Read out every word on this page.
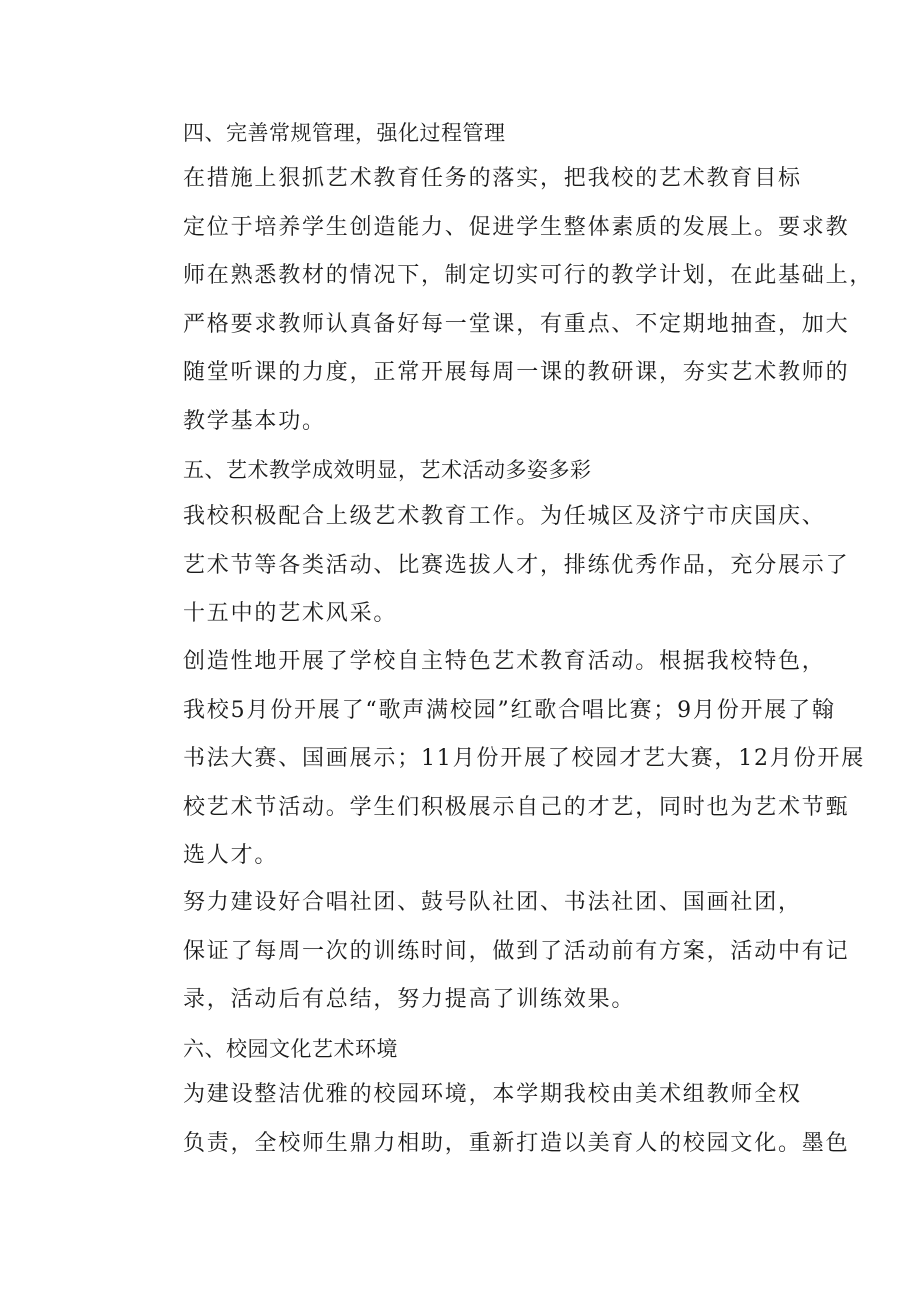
四、完善常规管理，强化过程管理

在措施上狠抓艺术教育任务的落实，把我校的艺术教育目标
定位于培养学生创造能力、促进学生整体素质的发展上。要求教
师在熟悉教材的情况下，制定切实可行的教学计划，在此基础上，
严格要求教师认真备好每一堂课，有重点、不定期地抽查，加大
随堂听课的力度，正常开展每周一课的教研课，夯实艺术教师的
教学基本功。

五、艺术教学成效明显，艺术活动多姿多彩

我校积极配合上级艺术教育工作。为任城区及济宁市庆国庆、
艺术节等各类活动、比赛选拔人才，排练优秀作品，充分展示了
十五中的艺术风采。

创造性地开展了学校自主特色艺术教育活动。根据我校特色，
我校5月份开展了“歌声满校园”红歌合唱比赛；9月份开展了翰
书法大赛、国画展示；11月份开展了校园才艺大赛，12月份开展
校艺术节活动。学生们积极展示自己的才艺，同时也为艺术节甄
选人才。

努力建设好合唱社团、鼓号队社团、书法社团、国画社团，
保证了每周一次的训练时间，做到了活动前有方案，活动中有记
录，活动后有总结，努力提高了训练效果。

六、校园文化艺术环境

为建设整洁优雅的校园环境，本学期我校由美术组教师全权
负责，全校师生鼎力相助，重新打造以美育人的校园文化。墨色
